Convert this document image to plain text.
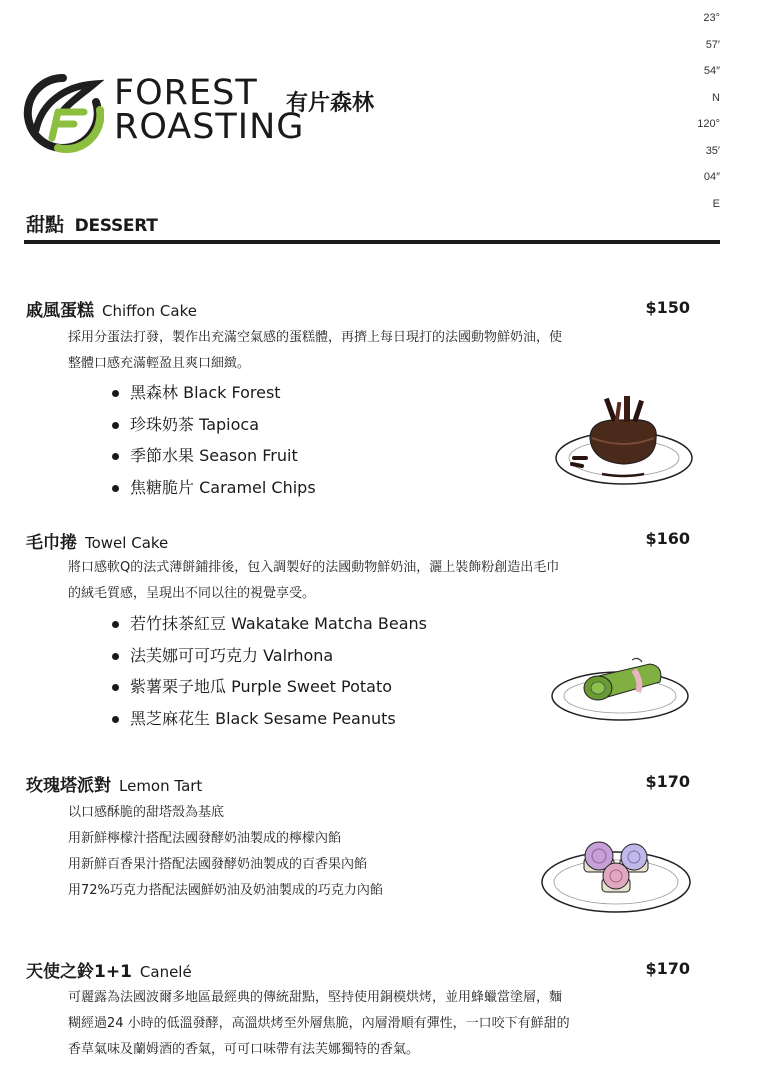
23°
57′
54″
N
120°
35′
04″
E
FOREST
ROASTING
有片森林
甜點 DESSERT
戚風蛋糕 Chiffon Cake	$150
採用分蛋法打發，製作出充滿空氣感的蛋糕體，再擠上每日現打的法國動物鮮奶油，使
整體口感充滿輕盈且爽口細緻。
黑森林 Black Forest
珍珠奶茶 Tapioca
季節水果 Season Fruit
焦糖脆片 Caramel Chips
毛巾捲 Towel Cake	$160
將口感軟Q的法式薄餅鋪排後，包入調製好的法國動物鮮奶油，灑上裝飾粉創造出毛巾
的絨毛質感，呈現出不同以往的視覺享受。
若竹抹茶紅豆 Wakatake Matcha Beans
法芙娜可可巧克力 Valrhona
紫薯栗子地瓜 Purple Sweet Potato
黑芝麻花生 Black Sesame Peanuts
玫瑰塔派對 Lemon Tart	$170
以口感酥脆的甜塔殼為基底
用新鮮檸檬汁搭配法國發酵奶油製成的檸檬內餡
用新鮮百香果汁搭配法國發酵奶油製成的百香果內餡
用72%巧克力搭配法國鮮奶油及奶油製成的巧克力內餡
天使之鈴1+1 Canelé	$170
可麗露為法國波爾多地區最經典的傳統甜點，堅持使用銅模烘烤，並用蜂蠟當塗層，麵
糊經過24 小時的低溫發酵，高溫烘烤至外層焦脆，內層滑順有彈性，一口咬下有鮮甜的
香草氣味及蘭姆酒的香氣，可可口味帶有法芙娜獨特的香氣。
